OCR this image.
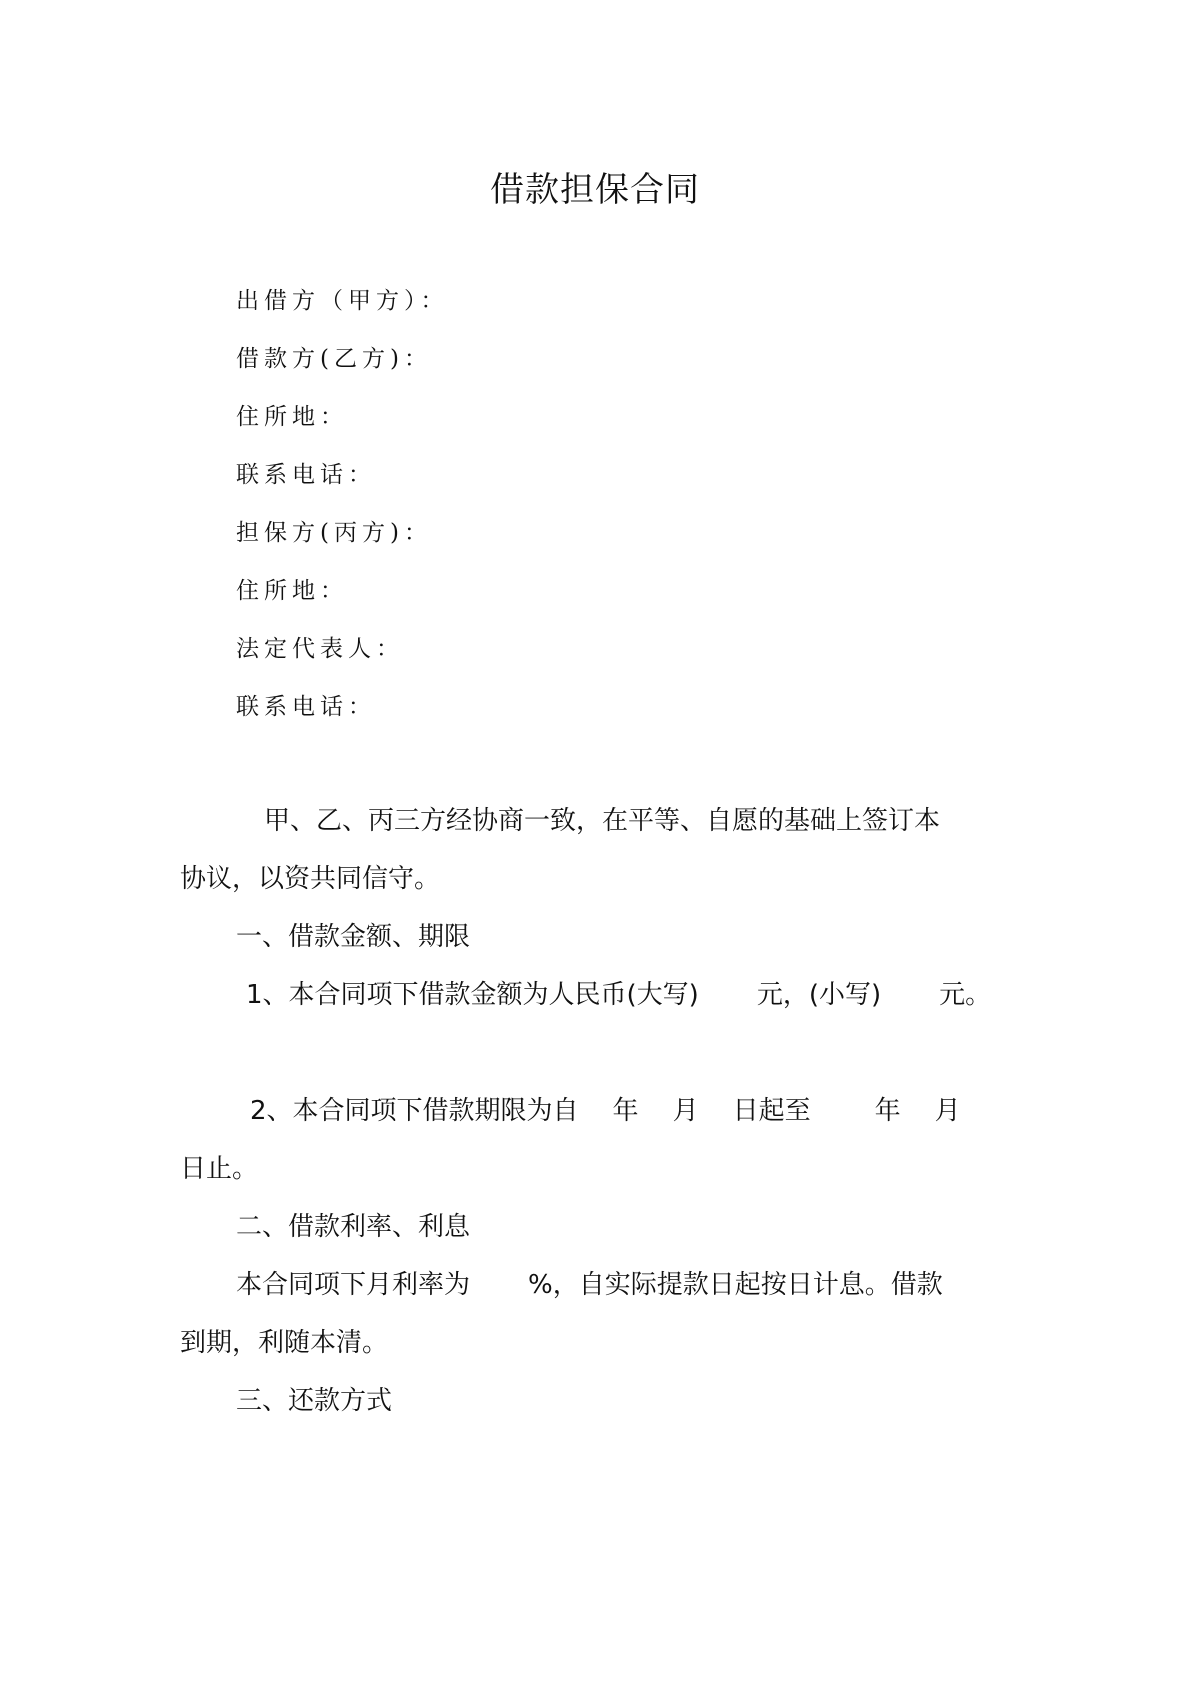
借款担保合同
出借方（甲方）：
借款方(乙方)：
住所地：
联系电话：
担保方(丙方)：
住所地：
法定代表人：
联系电话：
甲、乙、丙三方经协商一致，在平等、自愿的基础上签订本
协议，以资共同信守。
一、借款金额、期限
1、本合同项下借款金额为人民币(大写) 元，(小写) 元。
2、本合同项下借款期限为自 年 月 日起至 年 月
日止。
二、借款利率、利息
本合同项下月利率为 %，自实际提款日起按日计息。借款
到期，利随本清。
三、还款方式
